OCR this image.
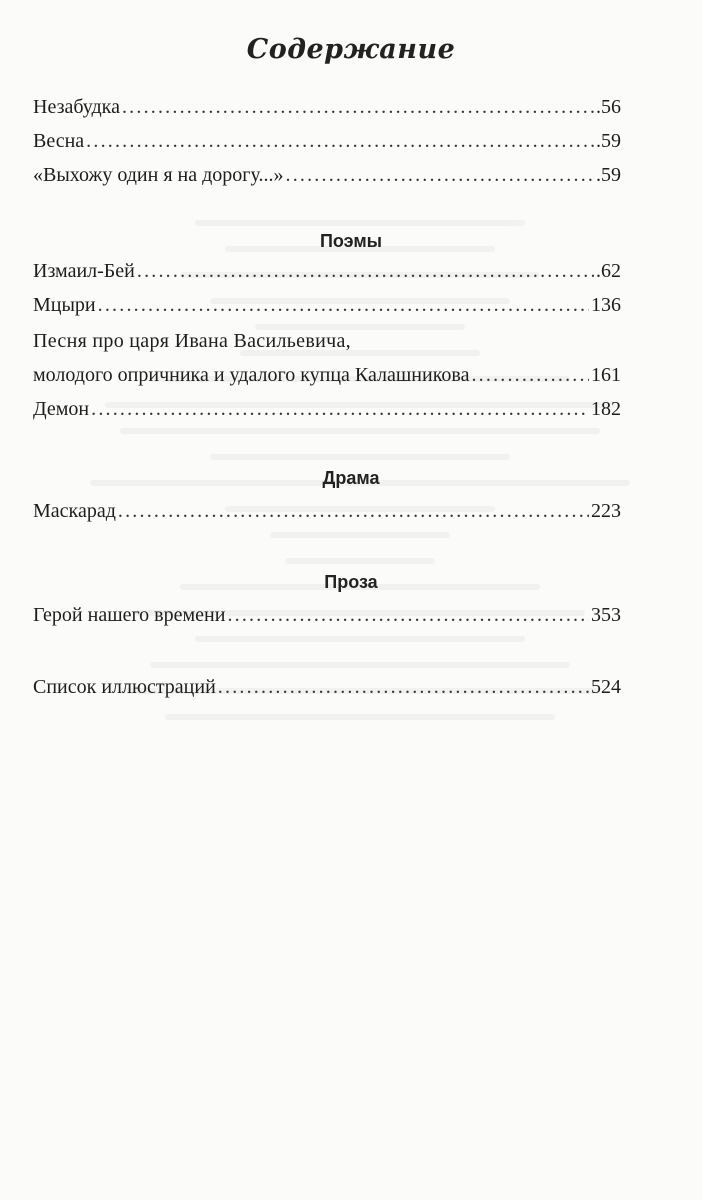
Содержание
Незабудка . . .	.56
Весна . . .	.59
«Выхожу один я на дорогу...» . . .	.59
Поэмы
Измаил-Бей . . .	.62
Мцыри . . .	136
Песня про царя Ивана Васильевича,
молодого опричника и удалого купца Калашникова . . .	161
Демон . . .	182
Драма
Маскарад . . .	223
Проза
Герой нашего времени . . .	353
Список иллюстраций . . .	524
